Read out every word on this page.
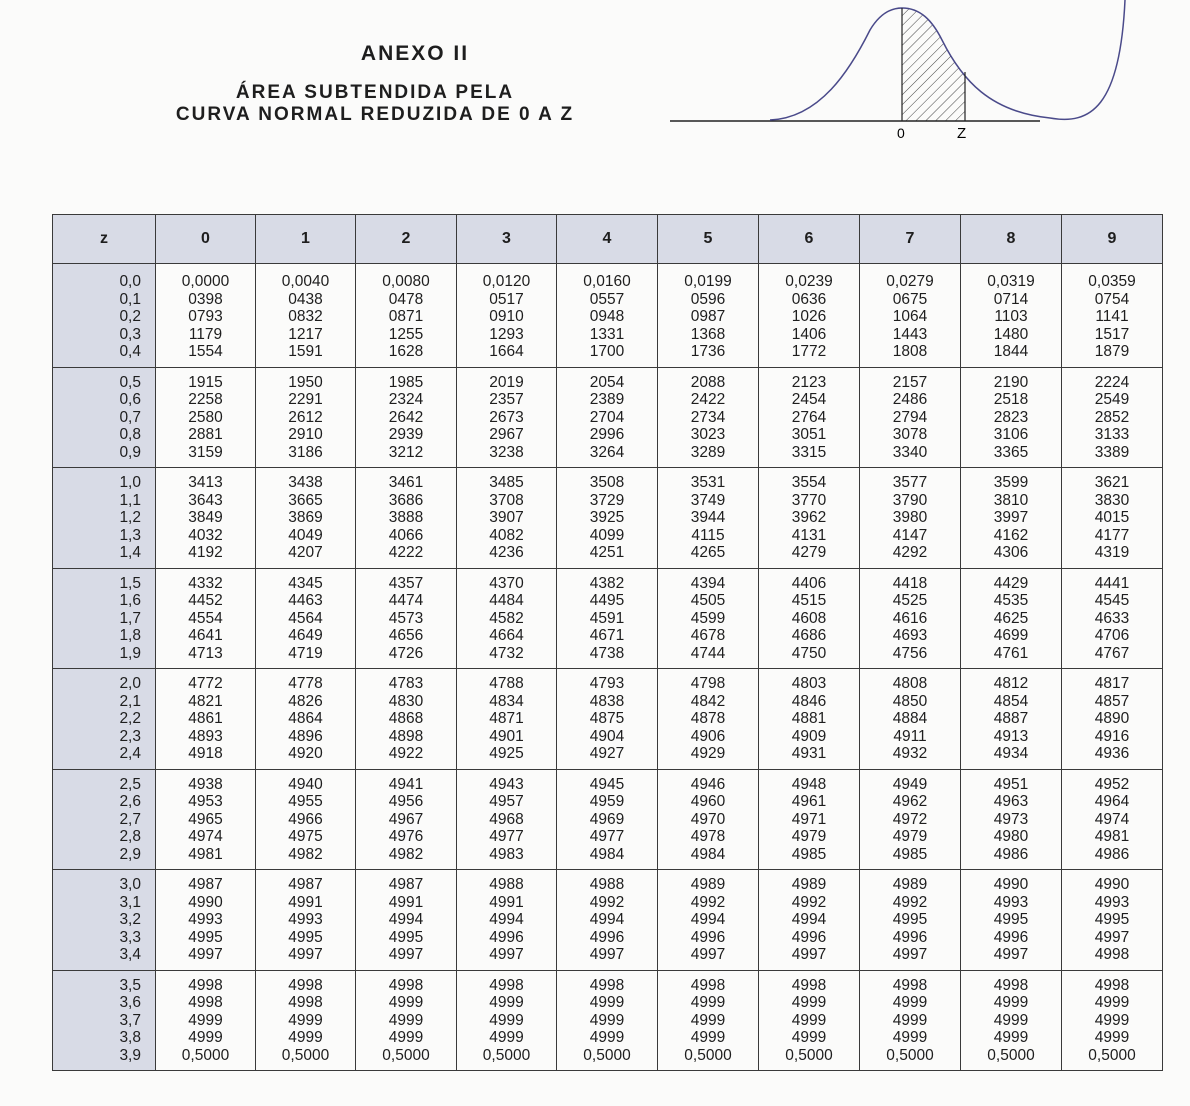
ANEXO II
ÁREA SUBTENDIDA PELA
CURVA NORMAL REDUZIDA DE 0 A Z
0	Z
z	0	1	2	3	4	5	6	7	8	9
0,0	0,0000	0,0040	0,0080	0,0120	0,0160	0,0199	0,0239	0,0279	0,0319	0,0359
0,1	0398	0438	0478	0517	0557	0596	0636	0675	0714	0754
0,2	0793	0832	0871	0910	0948	0987	1026	1064	1103	1141
0,3	1179	1217	1255	1293	1331	1368	1406	1443	1480	1517
0,4	1554	1591	1628	1664	1700	1736	1772	1808	1844	1879
0,5	1915	1950	1985	2019	2054	2088	2123	2157	2190	2224
0,6	2258	2291	2324	2357	2389	2422	2454	2486	2518	2549
0,7	2580	2612	2642	2673	2704	2734	2764	2794	2823	2852
0,8	2881	2910	2939	2967	2996	3023	3051	3078	3106	3133
0,9	3159	3186	3212	3238	3264	3289	3315	3340	3365	3389
1,0	3413	3438	3461	3485	3508	3531	3554	3577	3599	3621
1,1	3643	3665	3686	3708	3729	3749	3770	3790	3810	3830
1,2	3849	3869	3888	3907	3925	3944	3962	3980	3997	4015
1,3	4032	4049	4066	4082	4099	4115	4131	4147	4162	4177
1,4	4192	4207	4222	4236	4251	4265	4279	4292	4306	4319
1,5	4332	4345	4357	4370	4382	4394	4406	4418	4429	4441
1,6	4452	4463	4474	4484	4495	4505	4515	4525	4535	4545
1,7	4554	4564	4573	4582	4591	4599	4608	4616	4625	4633
1,8	4641	4649	4656	4664	4671	4678	4686	4693	4699	4706
1,9	4713	4719	4726	4732	4738	4744	4750	4756	4761	4767
2,0	4772	4778	4783	4788	4793	4798	4803	4808	4812	4817
2,1	4821	4826	4830	4834	4838	4842	4846	4850	4854	4857
2,2	4861	4864	4868	4871	4875	4878	4881	4884	4887	4890
2,3	4893	4896	4898	4901	4904	4906	4909	4911	4913	4916
2,4	4918	4920	4922	4925	4927	4929	4931	4932	4934	4936
2,5	4938	4940	4941	4943	4945	4946	4948	4949	4951	4952
2,6	4953	4955	4956	4957	4959	4960	4961	4962	4963	4964
2,7	4965	4966	4967	4968	4969	4970	4971	4972	4973	4974
2,8	4974	4975	4976	4977	4977	4978	4979	4979	4980	4981
2,9	4981	4982	4982	4983	4984	4984	4985	4985	4986	4986
3,0	4987	4987	4987	4988	4988	4989	4989	4989	4990	4990
3,1	4990	4991	4991	4991	4992	4992	4992	4992	4993	4993
3,2	4993	4993	4994	4994	4994	4994	4994	4995	4995	4995
3,3	4995	4995	4995	4996	4996	4996	4996	4996	4996	4997
3,4	4997	4997	4997	4997	4997	4997	4997	4997	4997	4998
3,5	4998	4998	4998	4998	4998	4998	4998	4998	4998	4998
3,6	4998	4998	4999	4999	4999	4999	4999	4999	4999	4999
3,7	4999	4999	4999	4999	4999	4999	4999	4999	4999	4999
3,8	4999	4999	4999	4999	4999	4999	4999	4999	4999	4999
3,9	0,5000	0,5000	0,5000	0,5000	0,5000	0,5000	0,5000	0,5000	0,5000	0,5000
